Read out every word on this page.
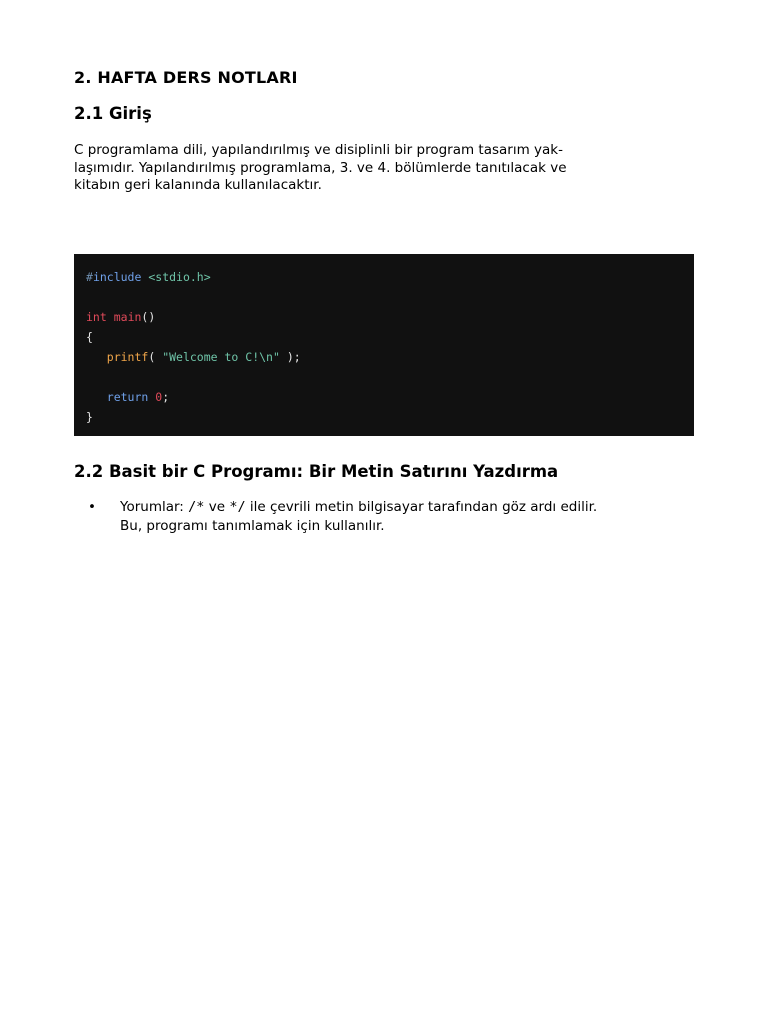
2. HAFTA DERS NOTLARI
2.1 Giriş

C programlama dili, yapılandırılmış ve disiplinli bir program tasarım yak-
laşımıdır. Yapılandırılmış programlama, 3. ve 4. bölümlerde tanıtılacak ve
kitabın geri kalanında kullanılacaktır.

#include <stdio.h>

int main()
{
printf( "Welcome to C!\n" );

return 0;
}
2.2 Basit bir C Programı: Bir Metin Satırını Yazdırma
• Yorumlar: /* ve */ ile çevrili metin bilgisayar tarafından göz ardı edilir.
Bu, programı tanımlamak için kullanılır.
